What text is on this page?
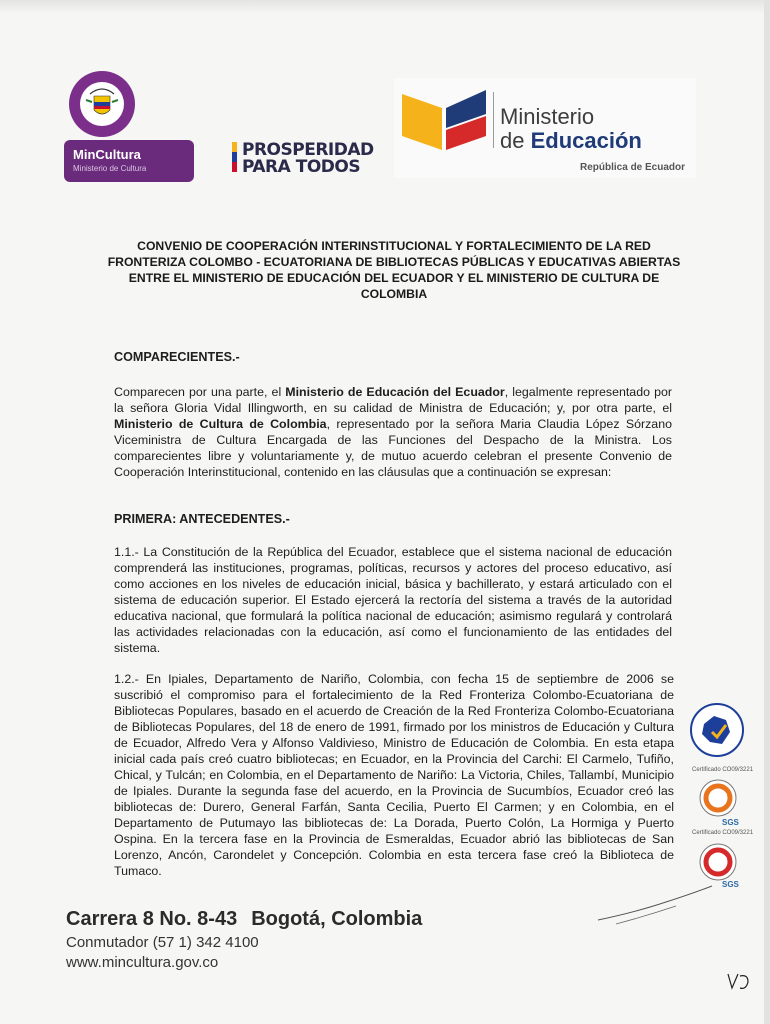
MinCultura
Ministerio de Cultura
PROSPERIDAD
PARA TODOS
Ministerio
de Educación
República de Ecuador
CONVENIO DE COOPERACIÓN INTERINSTITUCIONAL Y FORTALECIMIENTO DE LA RED FRONTERIZA COLOMBO - ECUATORIANA DE BIBLIOTECAS PÚBLICAS Y EDUCATIVAS ABIERTAS ENTRE EL MINISTERIO DE EDUCACIÓN DEL ECUADOR Y EL MINISTERIO DE CULTURA DE COLOMBIA
COMPARECIENTES.-
Comparecen por una parte, el Ministerio de Educación del Ecuador, legalmente representado por la señora Gloria Vidal Illingworth, en su calidad de Ministra de Educación; y, por otra parte, el Ministerio de Cultura de Colombia, representado por la señora Maria Claudia López Sórzano Viceministra de Cultura Encargada de las Funciones del Despacho de la Ministra. Los comparecientes libre y voluntariamente y, de mutuo acuerdo celebran el presente Convenio de Cooperación Interinstitucional, contenido en las cláusulas que a continuación se expresan:
PRIMERA: ANTECEDENTES.-
1.1.- La Constitución de la República del Ecuador, establece que el sistema nacional de educación comprenderá las instituciones, programas, políticas, recursos y actores del proceso educativo, así como acciones en los niveles de educación inicial, básica y bachillerato, y estará articulado con el sistema de educación superior. El Estado ejercerá la rectoría del sistema a través de la autoridad educativa nacional, que formulará la política nacional de educación; asimismo regulará y controlará las actividades relacionadas con la educación, así como el funcionamiento de las entidades del sistema.
1.2.- En Ipiales, Departamento de Nariño, Colombia, con fecha 15 de septiembre de 2006 se suscribió el compromiso para el fortalecimiento de la Red Fronteriza Colombo-Ecuatoriana de Bibliotecas Populares, basado en el acuerdo de Creación de la Red Fronteriza Colombo-Ecuatoriana de Bibliotecas Populares, del 18 de enero de 1991, firmado por los ministros de Educación y Cultura de Ecuador, Alfredo Vera y Alfonso Valdivieso, Ministro de Educación de Colombia. En esta etapa inicial cada país creó cuatro bibliotecas; en Ecuador, en la Provincia del Carchi: El Carmelo, Tufiño, Chical, y Tulcán; en Colombia, en el Departamento de Nariño: La Victoria, Chiles, Tallambí, Municipio de Ipiales. Durante la segunda fase del acuerdo, en la Provincia de Sucumbíos, Ecuador creó las bibliotecas de: Durero, General Farfán, Santa Cecilia, Puerto El Carmen; y en Colombia, en el Departamento de Putumayo las bibliotecas de: La Dorada, Puerto Colón, La Hormiga y Puerto Ospina. En la tercera fase en la Provincia de Esmeraldas, Ecuador abrió las bibliotecas de San Lorenzo, Ancón, Carondelet y Concepción. Colombia en esta tercera fase creó la Biblioteca de Tumaco.
Certificado CO09/3221
SGS
Certificado CO09/3221
SGS
Carrera 8 No. 8-43 Bogotá, Colombia
Conmutador (57 1) 342 4100
www.mincultura.gov.co
